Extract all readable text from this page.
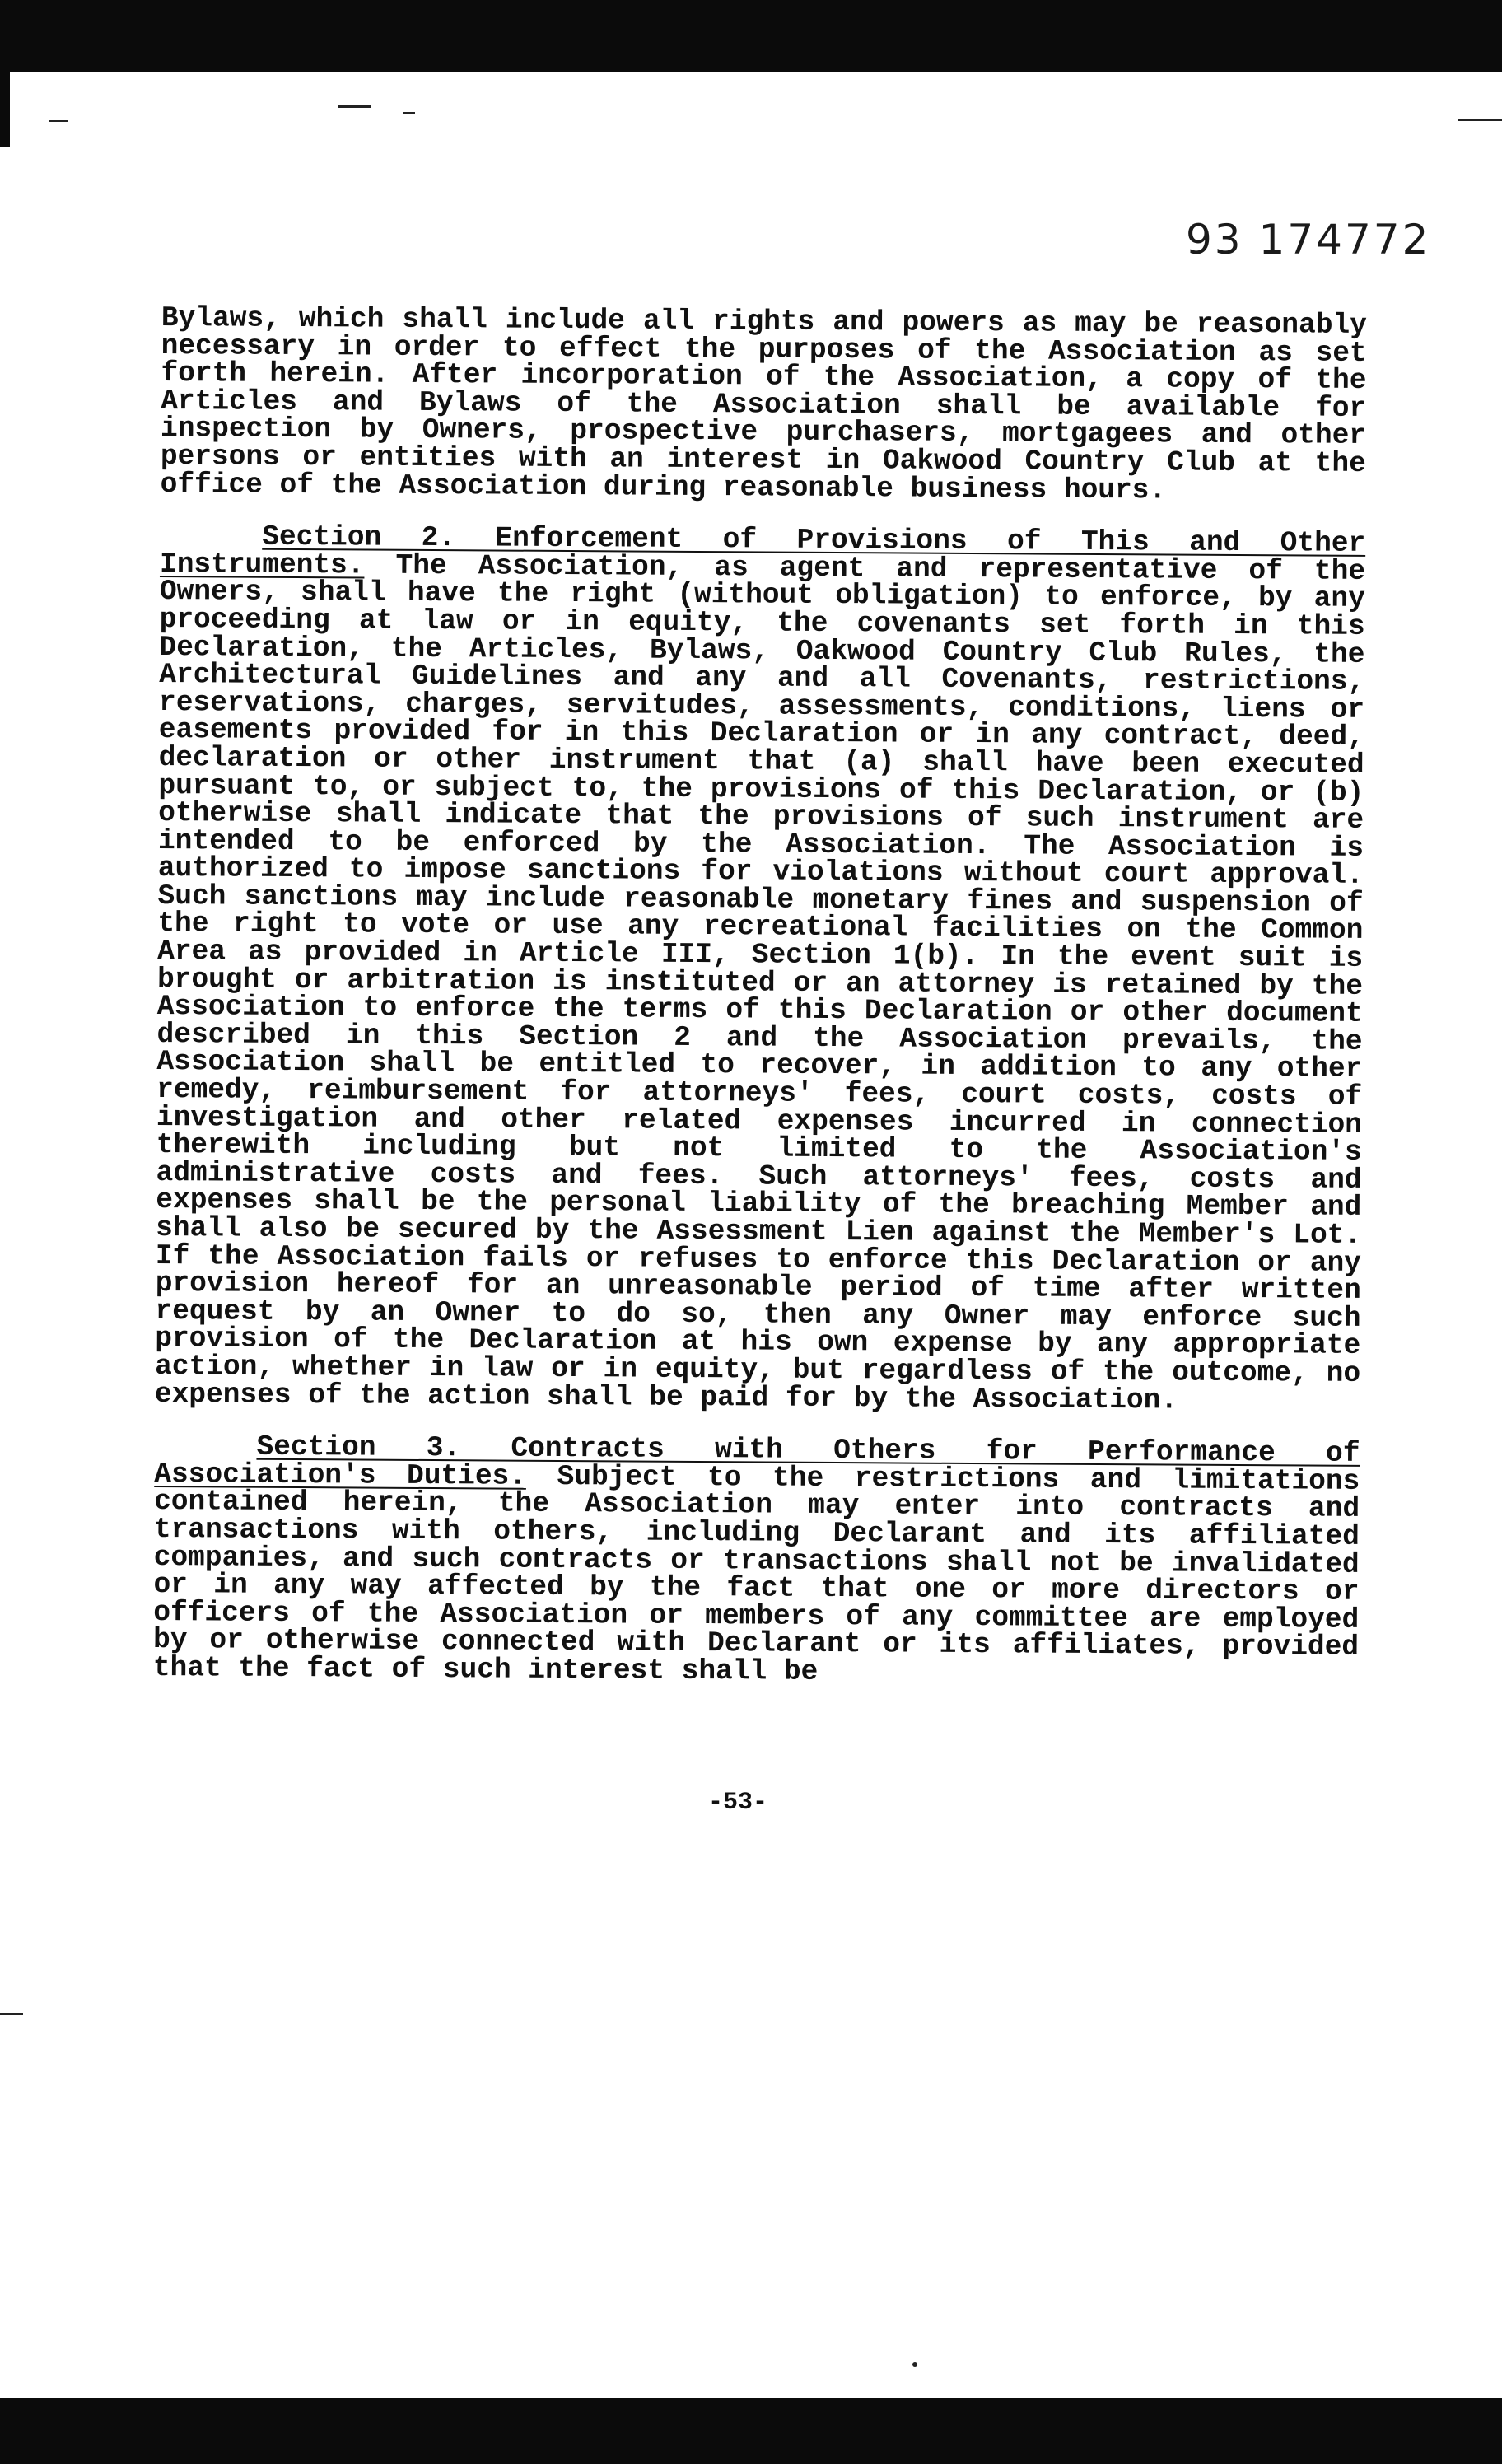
93 174772

Bylaws, which shall include all rights and powers as may be reasonably necessary in order to effect the purposes of the Association as set forth herein. After incorporation of the Association, a copy of the Articles and Bylaws of the Association shall be available for inspection by Owners, prospective purchasers, mortgagees and other persons or entities with an interest in Oakwood Country Club at the office of the Association during reasonable business hours.

Section 2. Enforcement of Provisions of This and Other Instruments. The Association, as agent and representative of the Owners, shall have the right (without obligation) to enforce, by any proceeding at law or in equity, the covenants set forth in this Declaration, the Articles, Bylaws, Oakwood Country Club Rules, the Architectural Guidelines and any and all Covenants, restrictions, reservations, charges, servitudes, assessments, conditions, liens or easements provided for in this Declaration or in any contract, deed, declaration or other instrument that (a) shall have been executed pursuant to, or subject to, the provisions of this Declaration, or (b) otherwise shall indicate that the provisions of such instrument are intended to be enforced by the Association. The Association is authorized to impose sanctions for violations without court approval. Such sanctions may include reasonable monetary fines and suspension of the right to vote or use any recreational facilities on the Common Area as provided in Article III, Section 1(b). In the event suit is brought or arbitration is instituted or an attorney is retained by the Association to enforce the terms of this Declaration or other document described in this Section 2 and the Association prevails, the Association shall be entitled to recover, in addition to any other remedy, reimbursement for attorneys' fees, court costs, costs of investigation and other related expenses incurred in connection therewith including but not limited to the Association's administrative costs and fees. Such attorneys' fees, costs and expenses shall be the personal liability of the breaching Member and shall also be secured by the Assessment Lien against the Member's Lot. If the Association fails or refuses to enforce this Declaration or any provision hereof for an unreasonable period of time after written request by an Owner to do so, then any Owner may enforce such provision of the Declaration at his own expense by any appropriate action, whether in law or in equity, but regardless of the outcome, no expenses of the action shall be paid for by the Association.

Section 3. Contracts with Others for Performance of Association's Duties. Subject to the restrictions and limitations contained herein, the Association may enter into contracts and transactions with others, including Declarant and its affiliated companies, and such contracts or transactions shall not be invalidated or in any way affected by the fact that one or more directors or officers of the Association or members of any committee are employed by or otherwise connected with Declarant or its affiliates, provided that the fact of such interest shall be

-53-
